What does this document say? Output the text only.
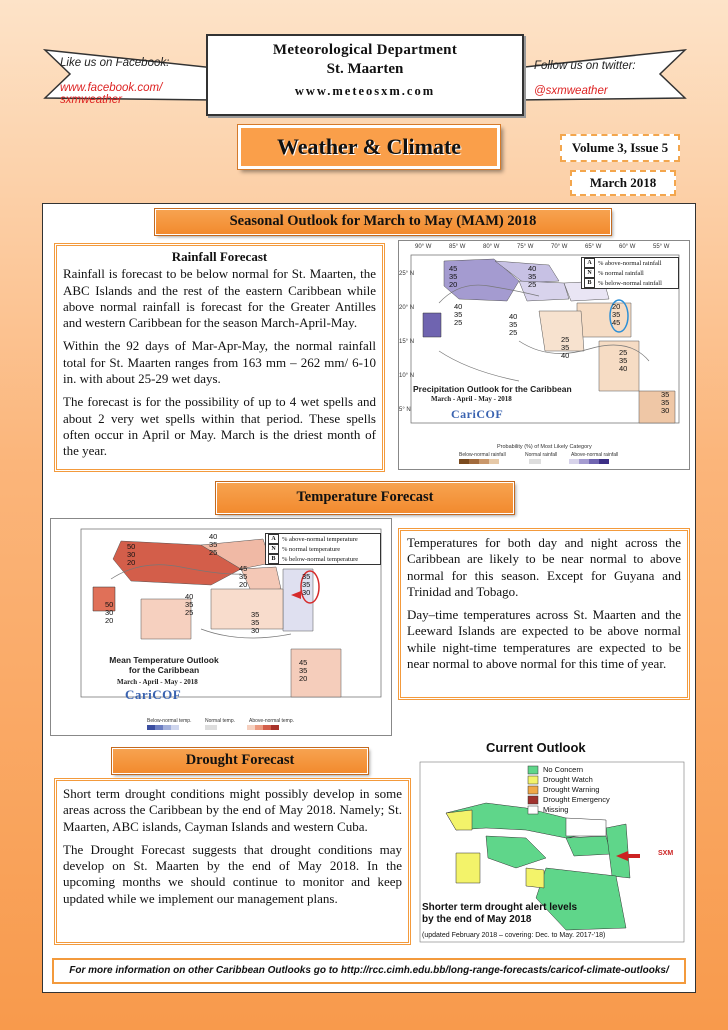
Like us on Facebook:
www.facebook.com/
sxmweather
Follow us on twitter:
@sxmweather
Meteorological Department
St. Maarten
www.meteosxm.com
Weather & Climate	Volume 3, Issue 5
March 2018
Seasonal Outlook for March to May (MAM) 2018
Rainfall Forecast

Rainfall is forecast to be below normal for St. Maarten, the ABC Islands and the rest of the eastern Caribbean while above normal rainfall is forecast for the Greater Antilles and western Caribbean for the season March-April-May.

Within the 92 days of Mar-Apr-May, the normal rainfall total for St. Maarten ranges from 163 mm – 262 mm/ 6-10 in. with about 25-29 wet days.

The forecast is for the possibility of up to 4 wet spells and about 2 very wet spells within that period. These spells often occur in April or May. March is the driest month of the year.

90° W	85° W	80° W	75° W	70° W	65° W	60° W	55° W
25° N
20° N
15° N
10° N
5° N
A % above-normal rainfall
N % normal rainfall
B	% below-normal rainfall
45
35
20
40
35
25
40
35
25
40
35
25
20
35
45
25
35
40	25
35
40
35
35
30
Precipitation Outlook for the Caribbean
March - April - May - 2018
CariCOF
Probability (%) of Most Likely Category
Below-normal rainfall	Normal rainfall	Above-normal rainfall
Temperature Forecast
A % above-normal temperature
N % normal temperature
B	% below-normal temperature
50
30
20
40
35
25
45
35
20
35
35
30
50
30
20
40
35
25	35
35
30
45
35
20
Mean Temperature Outlook
for the Caribbean
March - April - May - 2018
CariCOF
Below-normal temp.	Normal temp.	Above-normal temp.

Temperatures for both day and night across the Caribbean are likely to be near normal to above normal for this season. Except for Guyana and Trinidad and Tobago.

Day–time temperatures across St. Maarten and the Leeward Islands are expected to be above normal while night-time temperatures are expected to be near normal to above normal for this time of year.

Drought Forecast

Short term drought conditions might possibly develop in some areas across the Caribbean by the end of May 2018. Namely; St. Maarten, ABC islands, Cayman Islands and western Cuba.

The Drought Forecast suggests that drought conditions may develop on St. Maarten by the end of May 2018. In the upcoming months we should continue to monitor and keep updated while we implement our management plans.

Current Outlook
No Concern
Drought Watch
Drought Warning
Drought Emergency
Missing
SXM
Shorter term drought alert levels
by the end of May 2018
(updated February 2018 – covering: Dec. to May. 2017-'18)
For more information on other Caribbean Outlooks go to http://rcc.cimh.edu.bb/long-range-forecasts/caricof-climate-outlooks/
